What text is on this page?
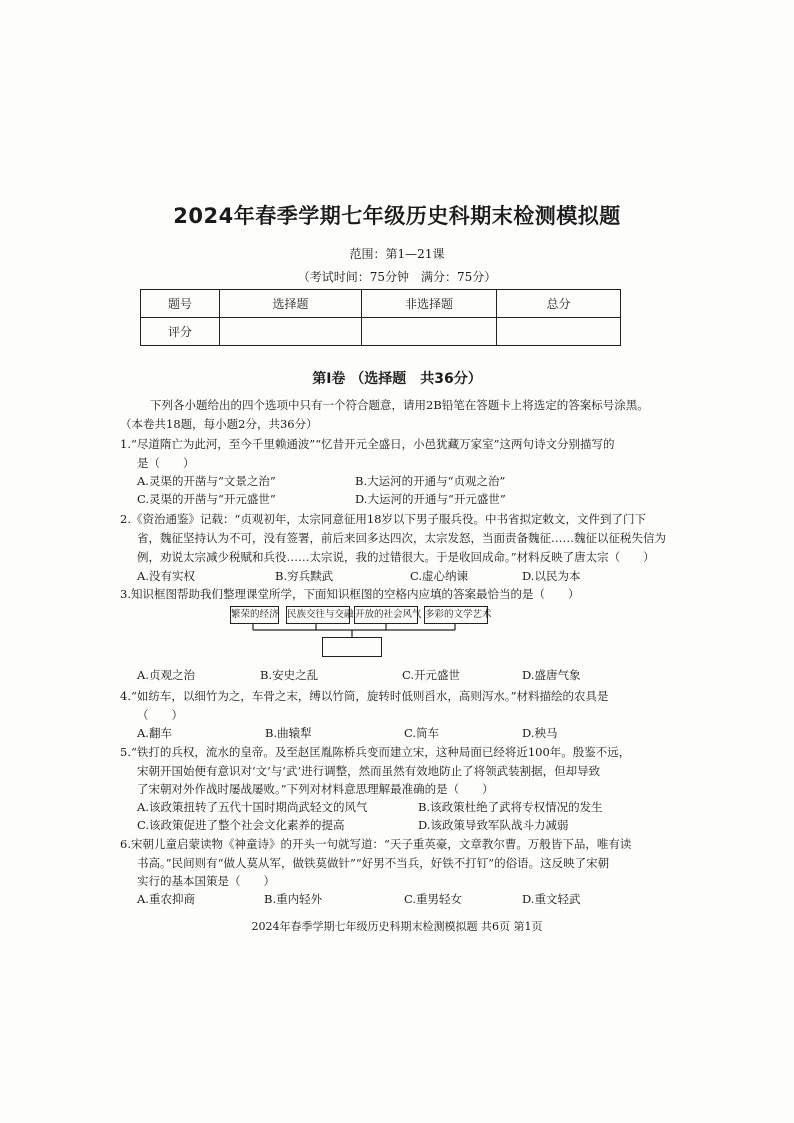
2024年春季学期七年级历史科期末检测模拟题
范围：第1—21课
（考试时间：75分钟　满分：75分）
题号	选择题	非选择题	总分
评分			
第Ⅰ卷 （选择题　共36分）
下列各小题给出的四个选项中只有一个符合题意，请用2B铅笔在答题卡上将选定的答案标号涂黑。
（本卷共18题，每小题2分，共36分）
1.“尽道隋亡为此河，至今千里赖通波”“忆昔开元全盛日，小邑犹藏万家室”这两句诗文分别描写的
是（　　）
A.灵渠的开凿与“文景之治”	B.大运河的开通与“贞观之治”
C.灵渠的开凿与“开元盛世”	D.大运河的开通与“开元盛世”
2.《资治通鉴》记载：“贞观初年，太宗同意征用18岁以下男子服兵役。中书省拟定敕文，文件到了门下
省，魏征坚持认为不可，没有签署，前后来回多达四次，太宗发怒，当面责备魏征……魏征以征税失信为
例，劝说太宗减少税赋和兵役……太宗说，我的过错很大。于是收回成命。”材料反映了唐太宗（　　）
A.没有实权	B.穷兵黩武	C.虚心纳谏	D.以民为本
3.知识框图帮助我们整理课堂所学，下面知识框图的空格内应填的答案最恰当的是（　　）
繁荣的经济 民族交往与交融 开放的社会风气 多彩的文学艺术
A.贞观之治	B.安史之乱	C.开元盛世	D.盛唐气象
4.“如纺车，以细竹为之，车骨之末，缚以竹筒，旋转时低则舀水，高则泻水。”材料描绘的农具是
（　　）
A.翻车	B.曲辕犁	C.筒车	D.秧马
5.“铁打的兵权，流水的皇帝。及至赵匡胤陈桥兵变而建立宋，这种局面已经将近100年。殷鉴不远，
宋朝开国始便有意识对‘文’与‘武’进行调整，然而虽然有效地防止了将领武装割据，但却导致
了宋朝对外作战时屡战屡败。”下列对材料意思理解最准确的是（　　）
A.该政策扭转了五代十国时期尚武轻文的风气	B.该政策杜绝了武将专权情况的发生
C.该政策促进了整个社会文化素养的提高	D.该政策导致军队战斗力减弱
6.宋朝儿童启蒙读物《神童诗》的开头一句就写道：“天子重英豪，文章教尔曹。万般皆下品，唯有读
书高。”民间则有“做人莫从军，做铁莫做针”“好男不当兵，好铁不打钉”的俗语。这反映了宋朝
实行的基本国策是（　　）
A.重农抑商	B.重内轻外	C.重男轻女	D.重文轻武
2024年春季学期七年级历史科期末检测模拟题 共6页 第1页
